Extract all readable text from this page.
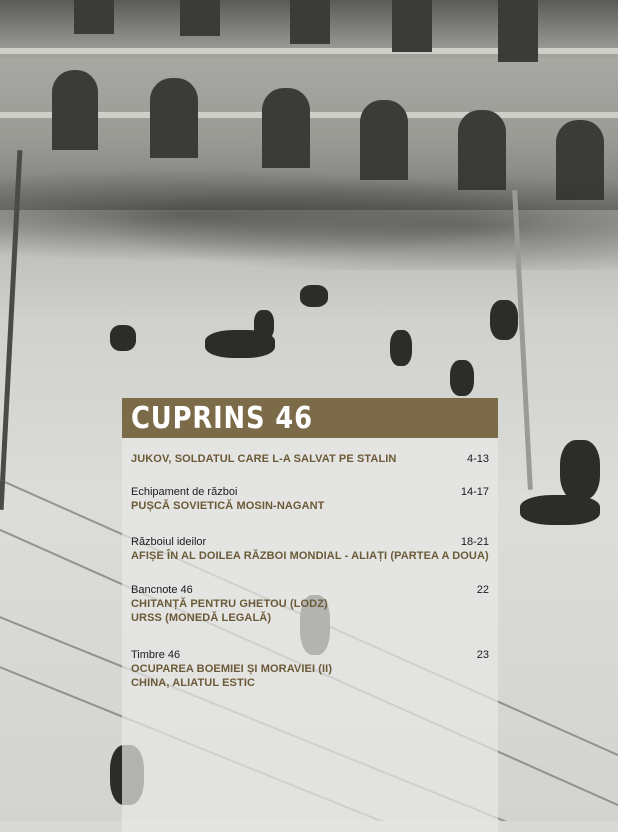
CUPRINS 46
JUKOV, SOLDATUL CARE L-A SALVAT PE STALIN	4-13
Echipament de război
PUȘCĂ SOVIETICĂ MOSIN-NAGANT
14-17
Războiul ideilor
AFIȘE ÎN AL DOILEA RĂZBOI MONDIAL - ALIAȚI (PARTEA A DOUA)
18-21
Bancnote 46
CHITANȚĂ PENTRU GHETOU (LODZ)
URSS (MONEDĂ LEGALĂ)
22
Timbre 46
OCUPAREA BOEMIEI ȘI MORAVIEI (II)
CHINA, ALIATUL ESTIC
23
